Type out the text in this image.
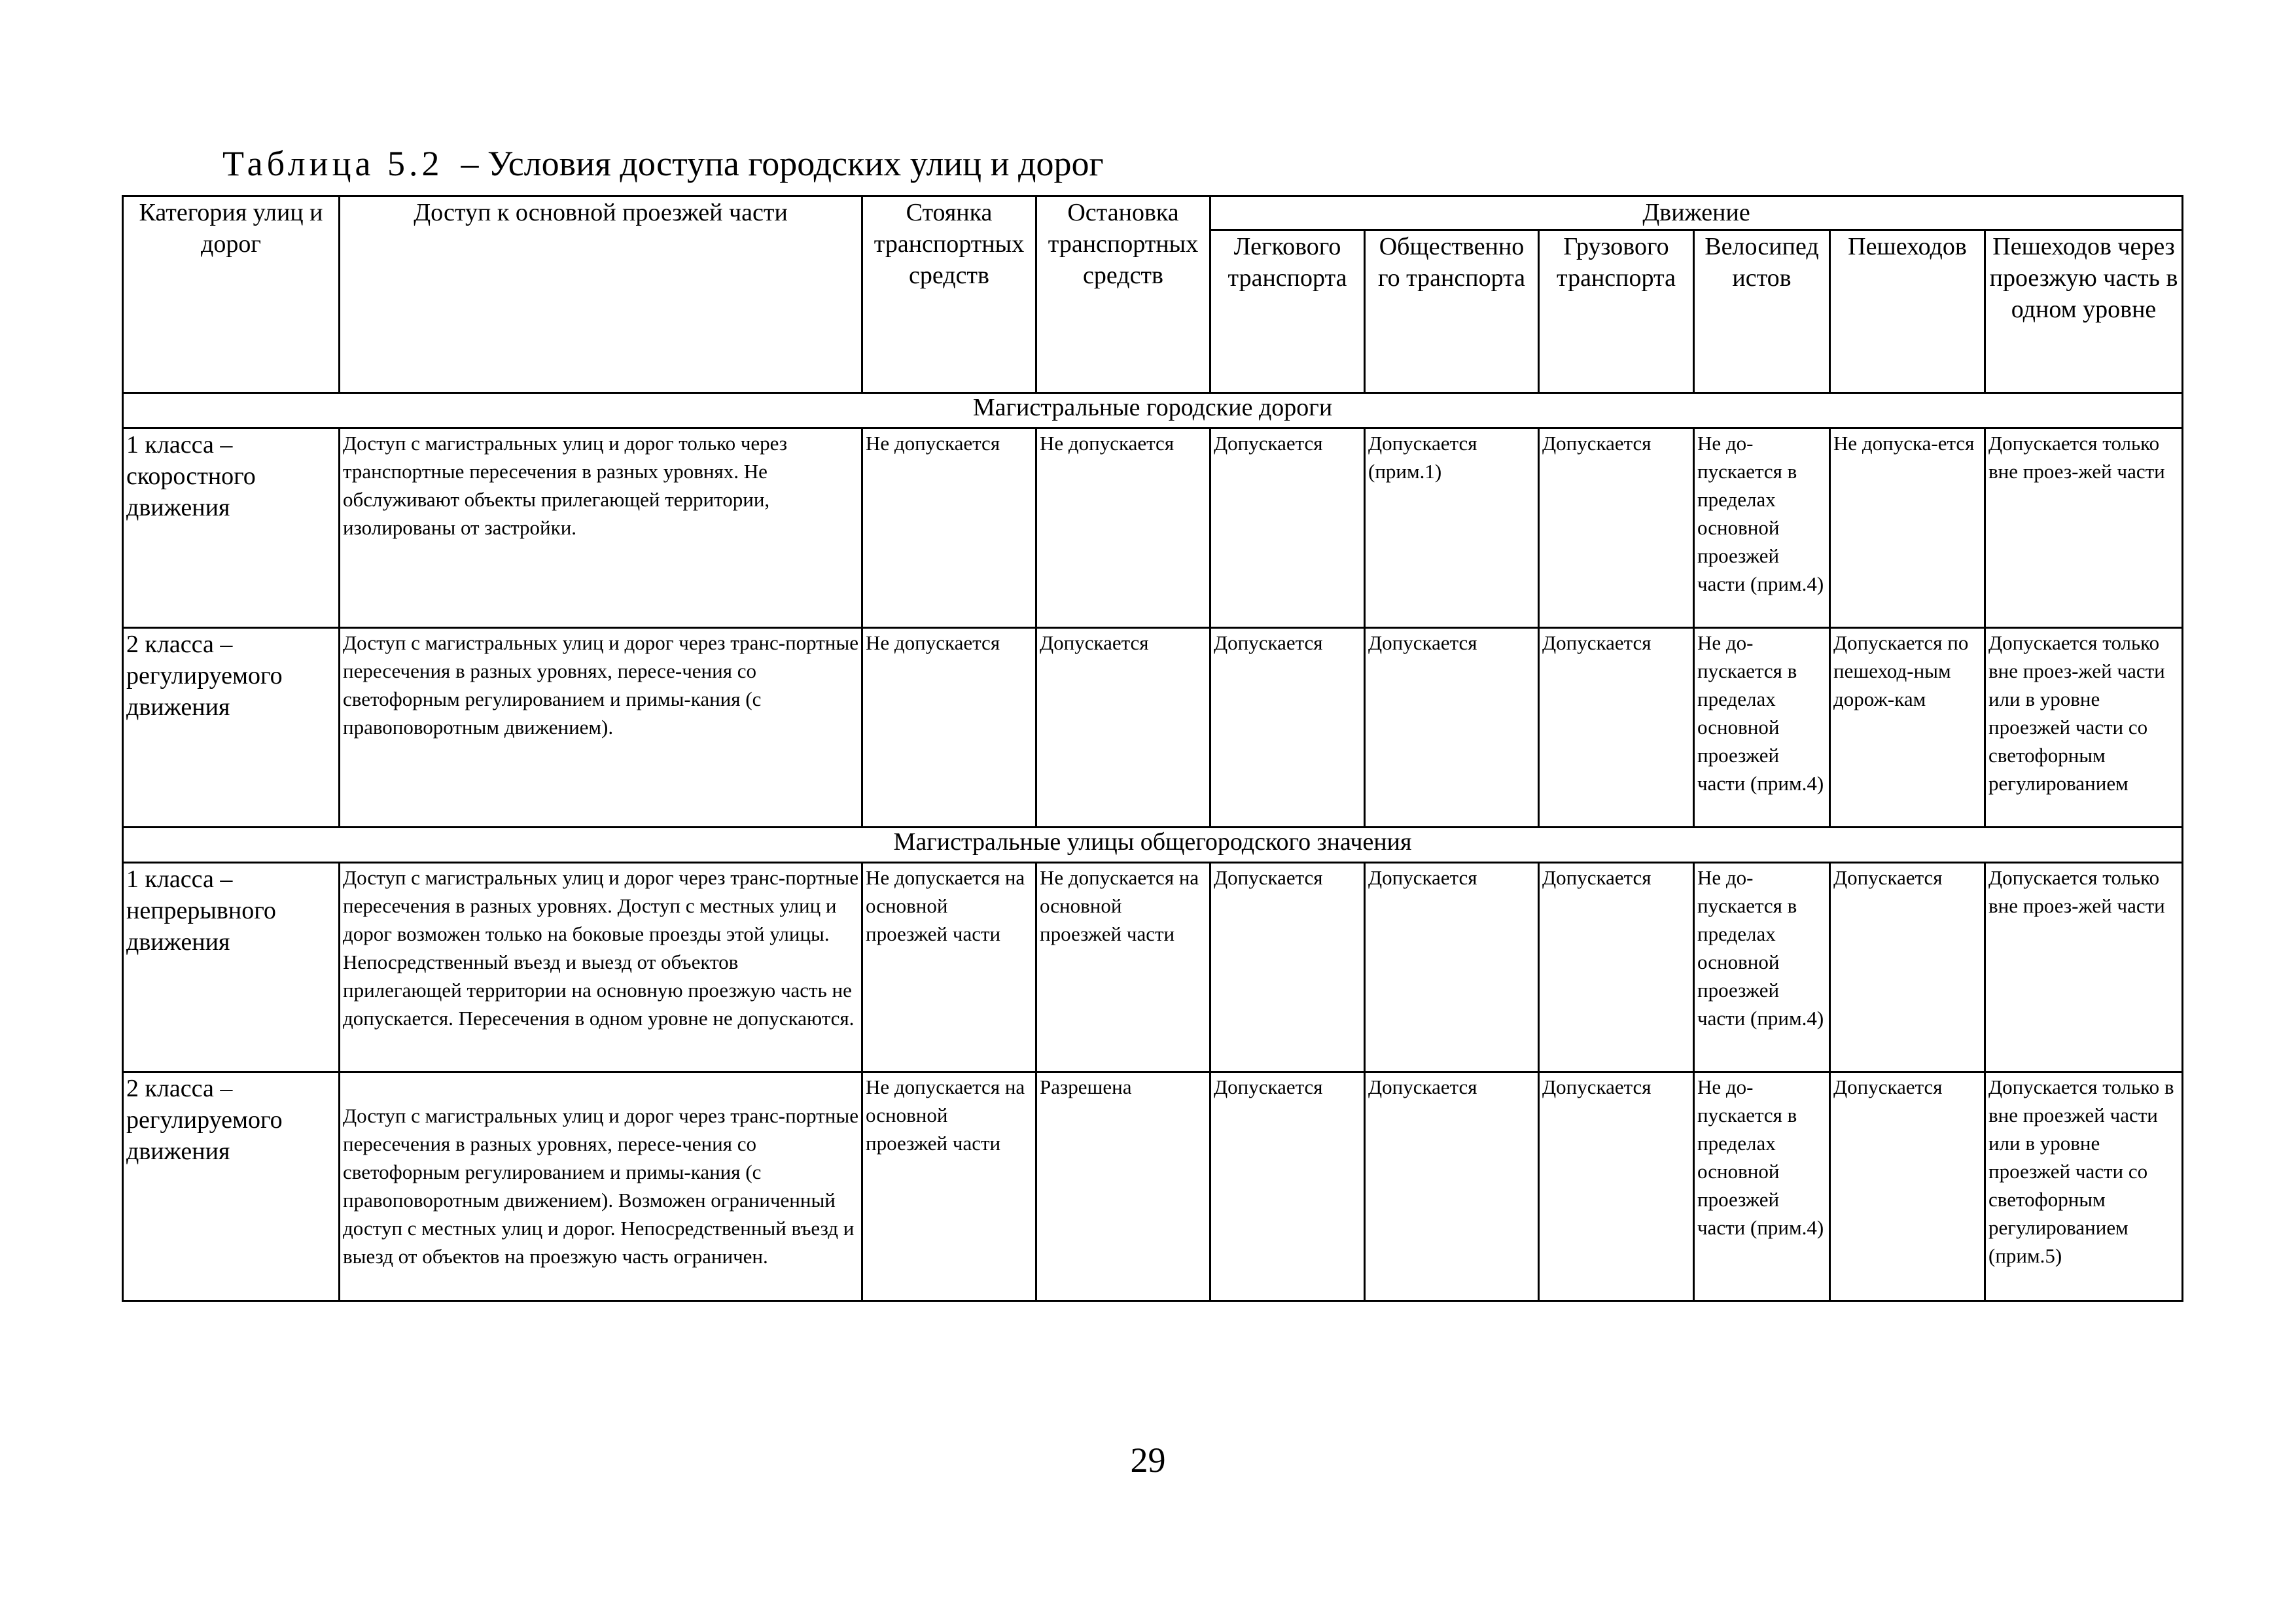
Таблица 5.2 – Условия доступа городских улиц и дорог
Категория улиц и дорог	Доступ к основной проезжей части	Стоянка транспортных средств	Остановка транспортных средств	Движение					
				Легкового транспорта	Общественно го транспорта	Грузового транспорта	Велосипед истов	Пешеходов	Пешеходов через проезжую часть в одном уровне
Магистральные городские дороги									
1 класса – скоростного движения	Доступ с магистральных улиц и дорог только через транспортные пересечения в разных уровнях. Не обслуживают объекты прилегающей территории, изолированы от застройки.	Не допускается	Не допускается	Допускается	Допускается (прим.1)	Допускается	Не до-пускается в пределах основной проезжей части (прим.4)	Не допуска-ется	Допускается только вне проез-жей части
2 класса – регулируемого движения	Доступ с магистральных улиц и дорог через транс-портные пересечения в разных уровнях, пересе-чения со светофорным регулированием и примы-кания (с правоповоротным движением).	Не допускается	Допускается	Допускается	Допускается	Допускается	Не до-пускается в пределах основной проезжей части (прим.4)	Допускается по пешеход-ным дорож-кам	Допускается только вне проез-жей части или в уровне проезжей части со светофорным регулированием
Магистральные улицы общегородского значения									
1 класса – непрерывного движения	Доступ с магистральных улиц и дорог через транс-портные пересечения в разных уровнях. Доступ с местных улиц и дорог возможен только на боковые проезды этой улицы. Непосредственный въезд и выезд от объектов прилегающей территории на основную проезжую часть не допускается. Пересечения в одном уровне не допускаются.	Не допускается на основной проезжей части	Не допускается на основной проезжей части	Допускается	Допускается	Допускается	Не до-пускается в пределах основной проезжей части (прим.4)	Допускается	Допускается только вне проез-жей части
2 класса – регулируемого движения	Доступ с магистральных улиц и дорог через транс-портные пересечения в разных уровнях, пересе-чения со светофорным регулированием и примы-кания (с правоповоротным движением). Возможен ограниченный доступ с местных улиц и дорог. Непосредственный въезд и выезд от объектов на проезжую часть ограничен.	Не допускается на основной проезжей части	Разрешена	Допускается	Допускается	Допускается	Не до-пускается в пределах основной проезжей части (прим.4)	Допускается	Допускается только в вне проезжей части или в уровне проезжей части со светофорным регулированием (прим.5)
29
